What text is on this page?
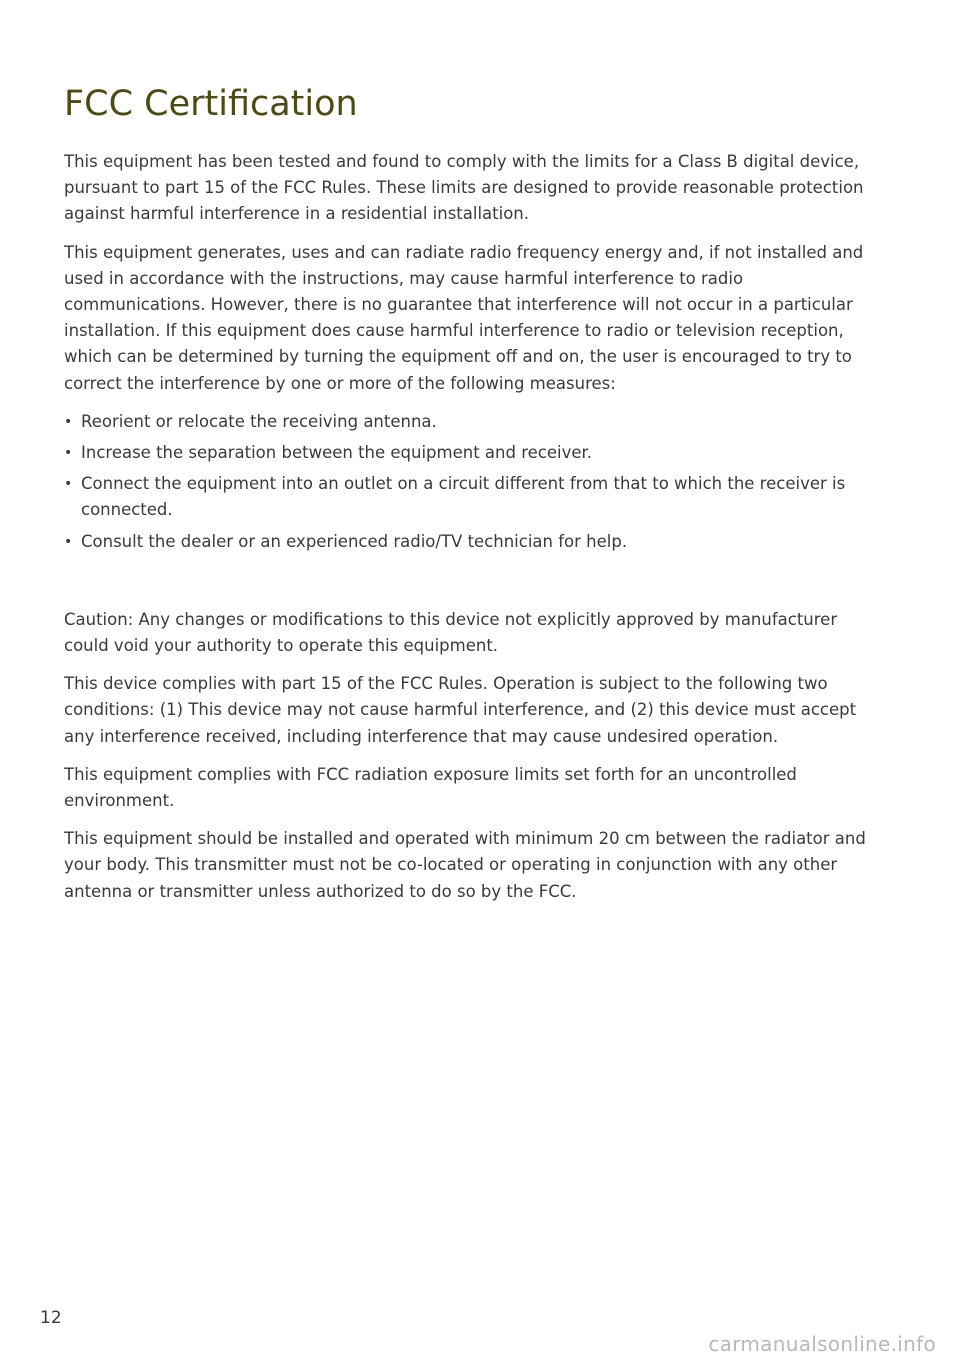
FCC Certification

This equipment has been tested and found to comply with the limits for a Class B digital device, pursuant to part 15 of the FCC Rules. These limits are designed to provide reasonable protection against harmful interference in a residential installation.

This equipment generates, uses and can radiate radio frequency energy and, if not installed and used in accordance with the instructions, may cause harmful interference to radio communications. However, there is no guarantee that interference will not occur in a particular installation. If this equipment does cause harmful interference to radio or television reception, which can be determined by turning the equipment off and on, the user is encouraged to try to correct the interference by one or more of the following measures:

• Reorient or relocate the receiving antenna.
• Increase the separation between the equipment and receiver.
• Connect the equipment into an outlet on a circuit different from that to which the receiver is connected.
• Consult the dealer or an experienced radio/TV technician for help.

Caution: Any changes or modifications to this device not explicitly approved by manufacturer could void your authority to operate this equipment.

This device complies with part 15 of the FCC Rules. Operation is subject to the following two conditions: (1) This device may not cause harmful interference, and (2) this device must accept any interference received, including interference that may cause undesired operation.

This equipment complies with FCC radiation exposure limits set forth for an uncontrolled environment.

This equipment should be installed and operated with minimum 20 cm between the radiator and your body. This transmitter must not be co-located or operating in conjunction with any other antenna or transmitter unless authorized to do so by the FCC.

12
carmanualsonline.info
